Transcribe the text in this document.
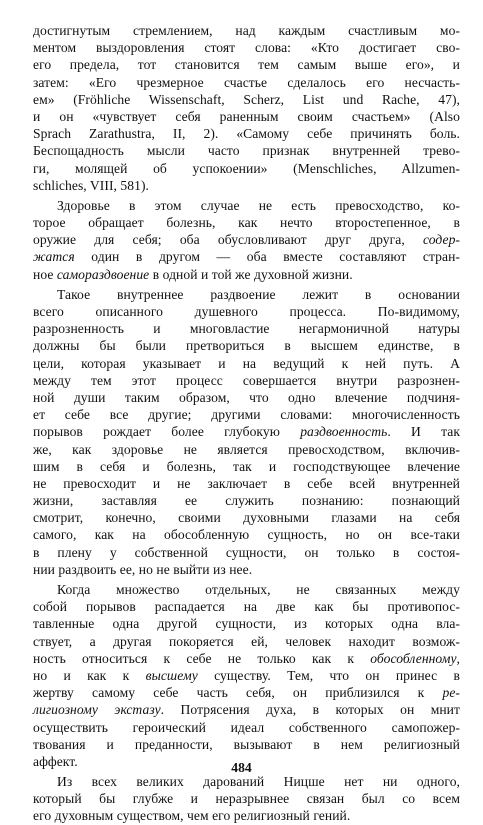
достигнутым стремлением, над каждым счастливым мо-
ментом выздоровления стоят слова: «Кто достигает сво-
его предела, тот становится тем самым выше его», и
затем: «Его чрезмерное счастье сделалось его несчасть-
ем» (Fröhliche Wissenschaft, Scherz, List und Rache, 47),
и он «чувствует себя раненным своим счастьем» (Also
Sprach Zarathustra, II, 2). «Самому себе причинять боль.
Беспощадность мысли часто признак внутренней трево-
ги, молящей об успокоении» (Menschliches, Allzumen-
schliches, VIII, 581).
Здоровье в этом случае не есть превосходство, ко-
торое обращает болезнь, как нечто второстепенное, в
оружие для себя; оба обусловливают друг друга, содер-
жатся один в другом — оба вместе составляют стран-
ное самораздвоение в одной и той же духовной жизни.
Такое внутреннее раздвоение лежит в основании
всего описанного душевного процесса. По-видимому,
разрозненность и многовластие негармоничной натуры
должны бы были претвориться в высшем единстве, в
цели, которая указывает и на ведущий к ней путь. А
между тем этот процесс совершается внутри разрознен-
ной души таким образом, что одно влечение подчиня-
ет себе все другие; другими словами: многочисленность
порывов рождает более глубокую раздвоенность. И так
же, как здоровье не является превосходством, включив-
шим в себя и болезнь, так и господствующее влечение
не превосходит и не заключает в себе всей внутренней
жизни, заставляя ее служить познанию: познающий
смотрит, конечно, своими духовными глазами на себя
самого, как на обособленную сущность, но он все-таки
в плену у собственной сущности, он только в состоя-
нии раздвоить ее, но не выйти из нее.
Когда множество отдельных, не связанных между
собой порывов распадается на две как бы противопос-
тавленные одна другой сущности, из которых одна вла-
ствует, а другая покоряется ей, человек находит возмож-
ность относиться к себе не только как к обособленному,
но и как к высшему существу. Тем, что он принес в
жертву самому себе часть себя, он приблизился к ре-
лигиозному экстазу. Потрясения духа, в которых он мнит
осуществить героический идеал собственного самопожер-
твования и преданности, вызывают в нем религиозный
аффект.
Из всех великих дарований Ницше нет ни одного,
который бы глубже и неразрывнее связан был со всем
его духовным существом, чем его религиозный гений.
484
